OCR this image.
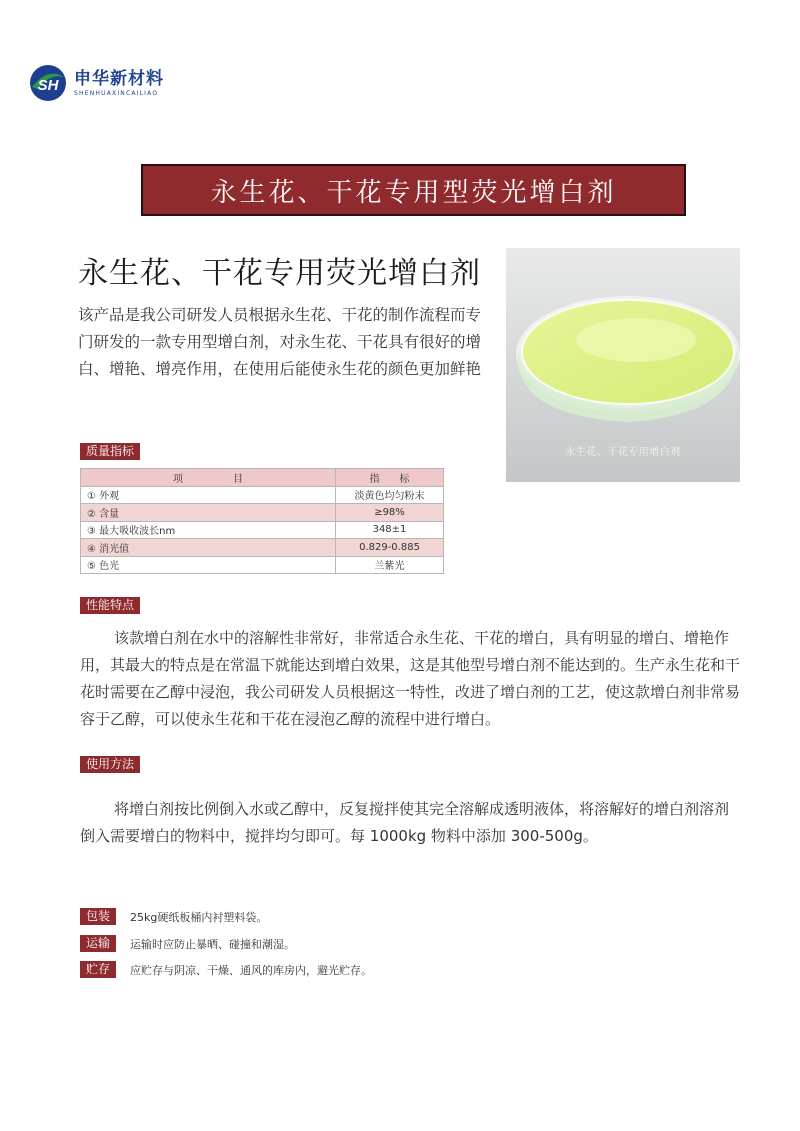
SH 申华新材料
SHENHUAXINCAILIAO
永生花、干花专用型荧光增白剂
永生花、干花专用荧光增白剂
该产品是我公司研发人员根据永生花、干花的制作流程而专门研发的一款专用型增白剂，对永生花、干花具有很好的增白、增艳、增亮作用，在使用后能使永生花的颜色更加鲜艳
永生花、干花专用增白剂
质量指标
项　　　　　目	指　　标
① 外观	淡黄色均匀粉末
② 含量	≥98%
③ 最大吸收波长nm	348±1
④ 消光值	0.829-0.885
⑤ 色光	兰紫光
性能特点
该款增白剂在水中的溶解性非常好，非常适合永生花、干花的增白，具有明显的增白、增艳作用，其最大的特点是在常温下就能达到增白效果，这是其他型号增白剂不能达到的。生产永生花和干花时需要在乙醇中浸泡，我公司研发人员根据这一特性，改进了增白剂的工艺，使这款增白剂非常易容于乙醇，可以使永生花和干花在浸泡乙醇的流程中进行增白。
使用方法
将增白剂按比例倒入水或乙醇中，反复搅拌使其完全溶解成透明液体，将溶解好的增白剂溶剂倒入需要增白的物料中，搅拌均匀即可。每 1000kg 物料中添加 300-500g。
包装	25kg硬纸板桶内衬塑料袋。
运输	运输时应防止暴晒、碰撞和潮湿。
贮存	应贮存与阴凉、干燥、通风的库房内，避光贮存。
